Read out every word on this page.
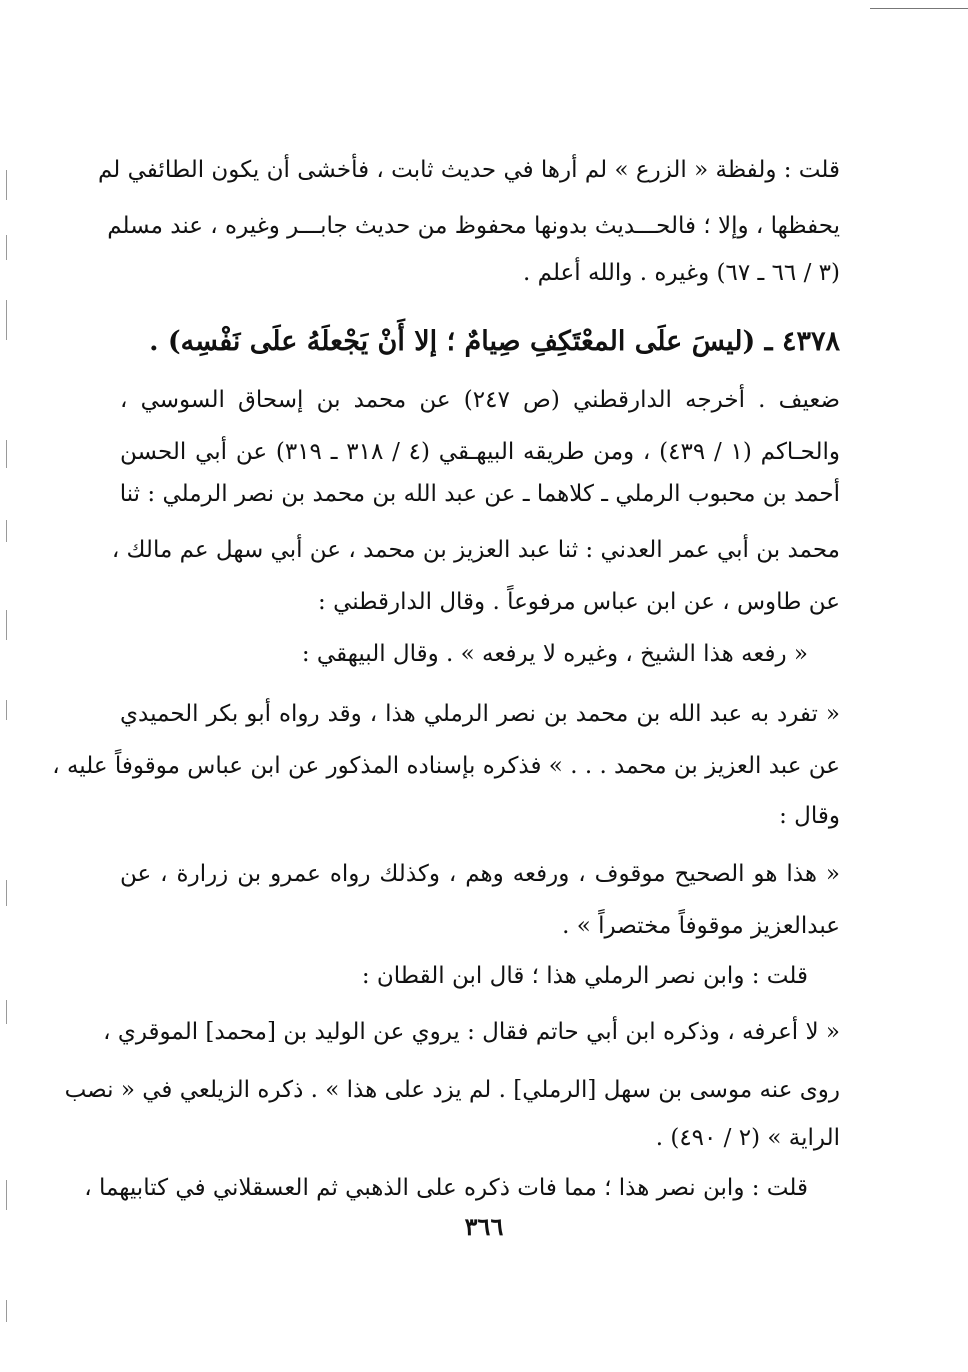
قلت : ولفظة « الزرع » لم أرها في حديث ثابت ، فأخشى أن يكون الطائفي لم
يحفظها ، وإلا ؛ فالحـــديث بدونها محفوظ من حديث جابـــر وغيره ، عند مسلم
(٣ / ٦٦ ـ ٦٧) وغيره . والله أعلم .
٤٣٧٨ ـ (ليسَ علَى المعْتَكِفِ صِيامٌ ؛ إلا أَنْ يَجْعلَهُ علَى نَفْسِه) .
ضعيف . أخرجه الدارقطني (ص ٢٤٧) عن محمد بن إسحاق السوسي ،
والحـاكم (١ / ٤٣٩) ، ومن طريقه البيهـقي (٤ / ٣١٨ ـ ٣١٩) عن أبي الحسن
أحمد بن محبوب الرملي ـ كلاهما ـ عن عبد الله بن محمد بن نصر الرملي : ثنا
محمد بن أبي عمر العدني : ثنا عبد العزيز بن محمد ، عن أبي سهل عم مالك ،
عن طاوس ، عن ابن عباس مرفوعاً . وقال الدارقطني :
« رفعه هذا الشيخ ، وغيره لا يرفعه » . وقال البيهقي :
« تفرد به عبد الله بن محمد بن نصر الرملي هذا ، وقد رواه أبو بكر الحميدي
عن عبد العزيز بن محمد . . . » فذكره بإسناده المذكور عن ابن عباس موقوفاً عليه ،
وقال :
« هذا هو الصحيح موقوف ، ورفعه وهم ، وكذلك رواه عمرو بن زرارة ، عن
عبدالعزيز موقوفاً مختصراً » .
قلت : وابن نصر الرملي هذا ؛ قال ابن القطان :
« لا أعرفه ، وذكره ابن أبي حاتم فقال : يروي عن الوليد بن [محمد] الموقري ،
روى عنه موسى بن سهل [الرملي] . لم يزد على هذا » . ذكره الزيلعي في « نصب
الراية » (٢ / ٤٩٠) .
قلت : وابن نصر هذا ؛ مما فات ذكره على الذهبي ثم العسقلاني في كتابيهما ،
٣٦٦
